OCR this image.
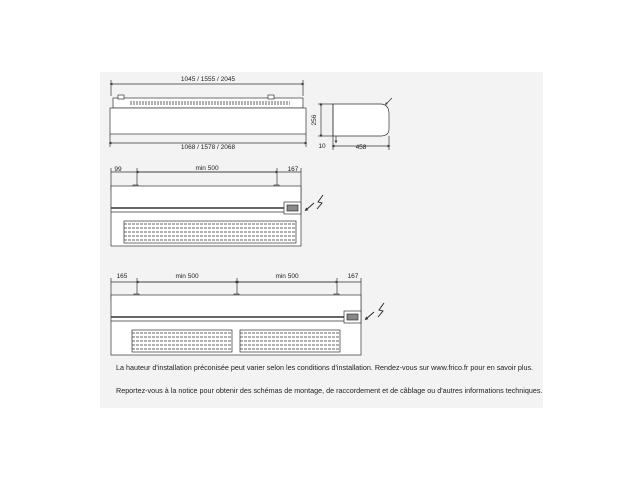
1045 / 1555 / 2045
1068 / 1578 / 2068
256
10	458
99	min 500	167
165	min 500	min 500	167

La hauteur d'installation préconisée peut varier selon les conditions d'installation. Rendez-vous sur www.frico.fr pour en savoir plus.

Reportez-vous à la notice pour obtenir des schémas de montage, de raccordement et de câblage ou d'autres informations techniques.
